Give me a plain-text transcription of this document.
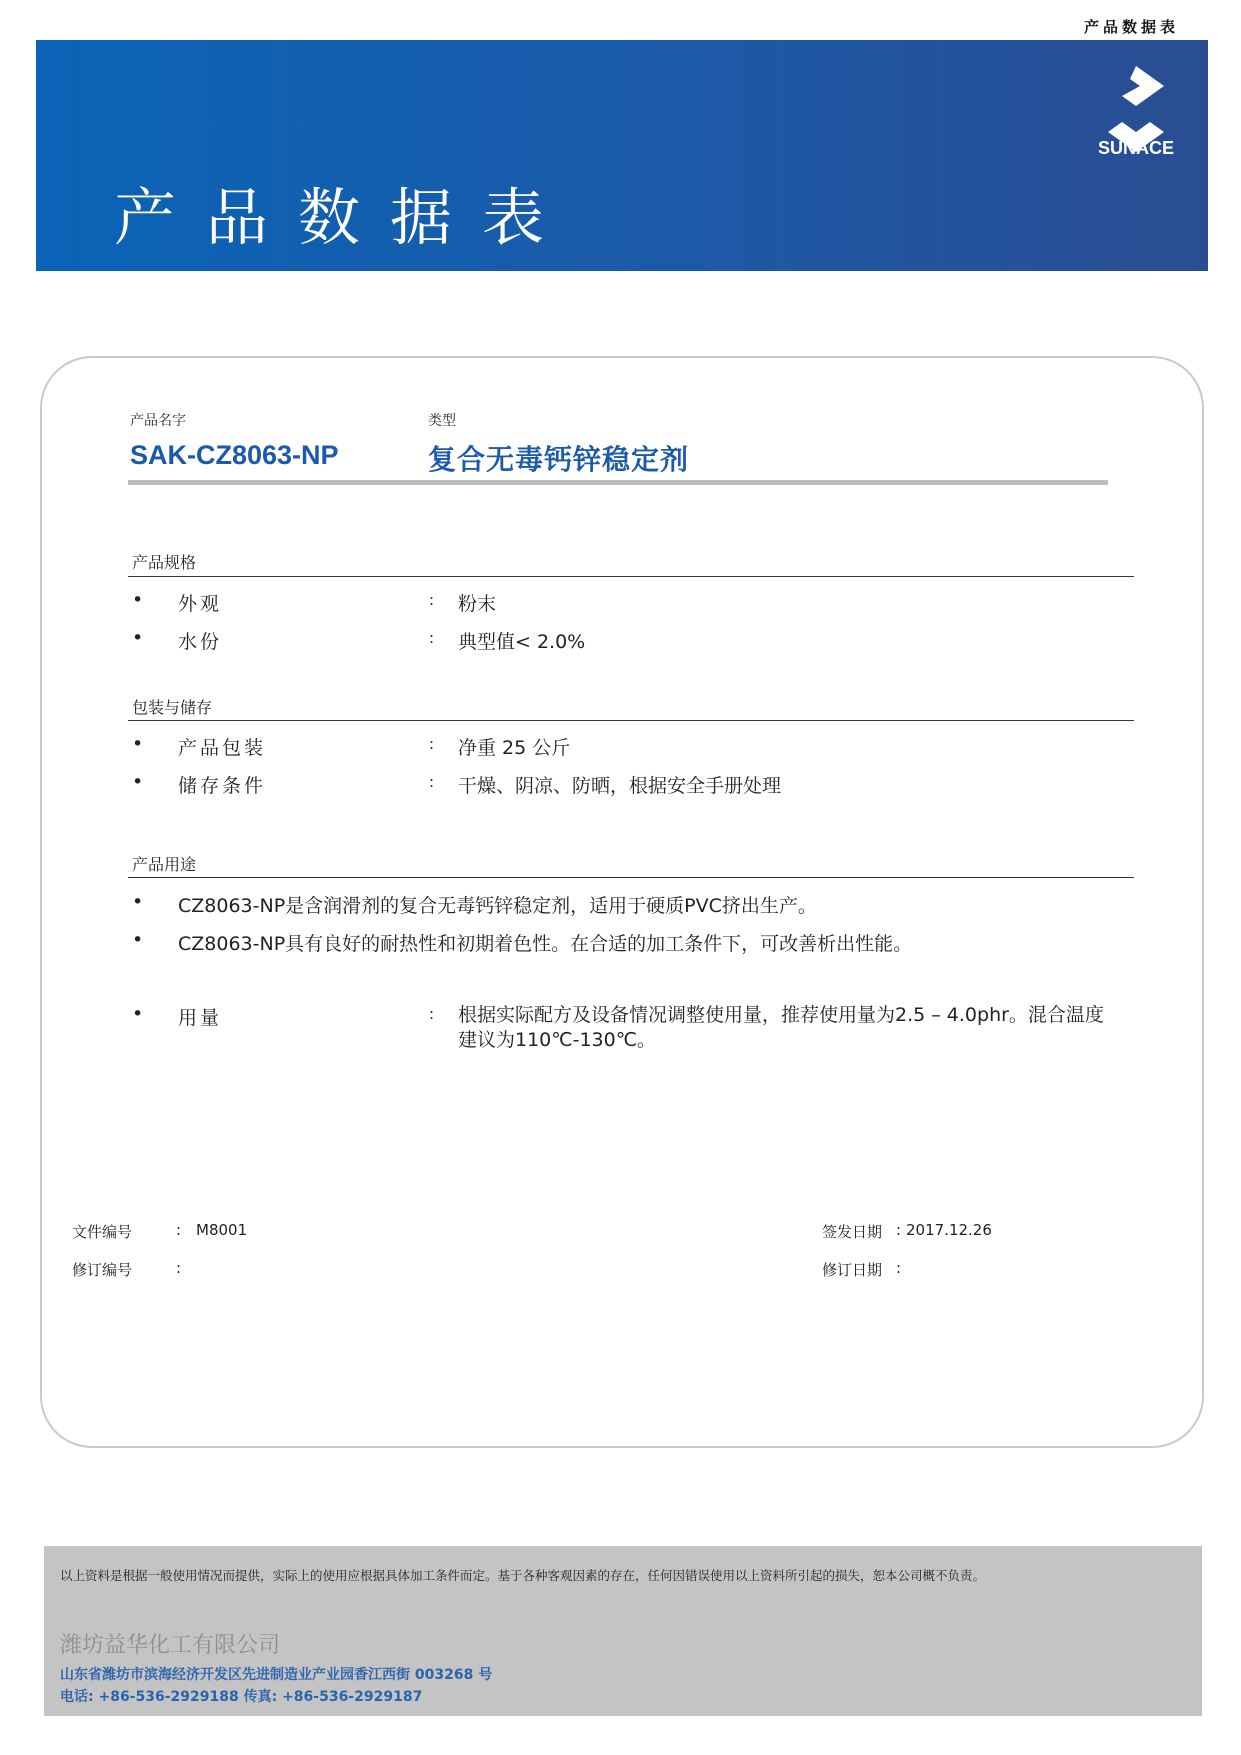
产品数据表
产品数据表
SUNACE
产品名字	类型
SAK-CZ8063-NP	复合无毒钙锌稳定剂
产品规格
• 外观	: 粉末
• 水份	: 典型值< 2.0%
包装与储存
• 产品包装	: 净重 25 公斤
• 储存条件	: 干燥、阴凉、防晒，根据安全手册处理
产品用途
• CZ8063-NP是含润滑剂的复合无毒钙锌稳定剂，适用于硬质PVC挤出生产。
• CZ8063-NP具有良好的耐热性和初期着色性。在合适的加工条件下，可改善析出性能。
• 用量	: 根据实际配方及设备情况调整使用量，推荐使用量为2.5 – 4.0phr。混合温度建议为110℃-130℃。
文件编号	: M8001
修订编号	:
签发日期 : 2017.12.26
修订日期 :
以上资料是根据一般使用情况而提供，实际上的使用应根据具体加工条件而定。基于各种客观因素的存在，任何因错误使用以上资料所引起的损失，恕本公司概不负责。
潍坊益华化工有限公司
山东省潍坊市滨海经济开发区先进制造业产业园香江西街 003268 号
电话: +86-536-2929188 传真: +86-536-2929187
